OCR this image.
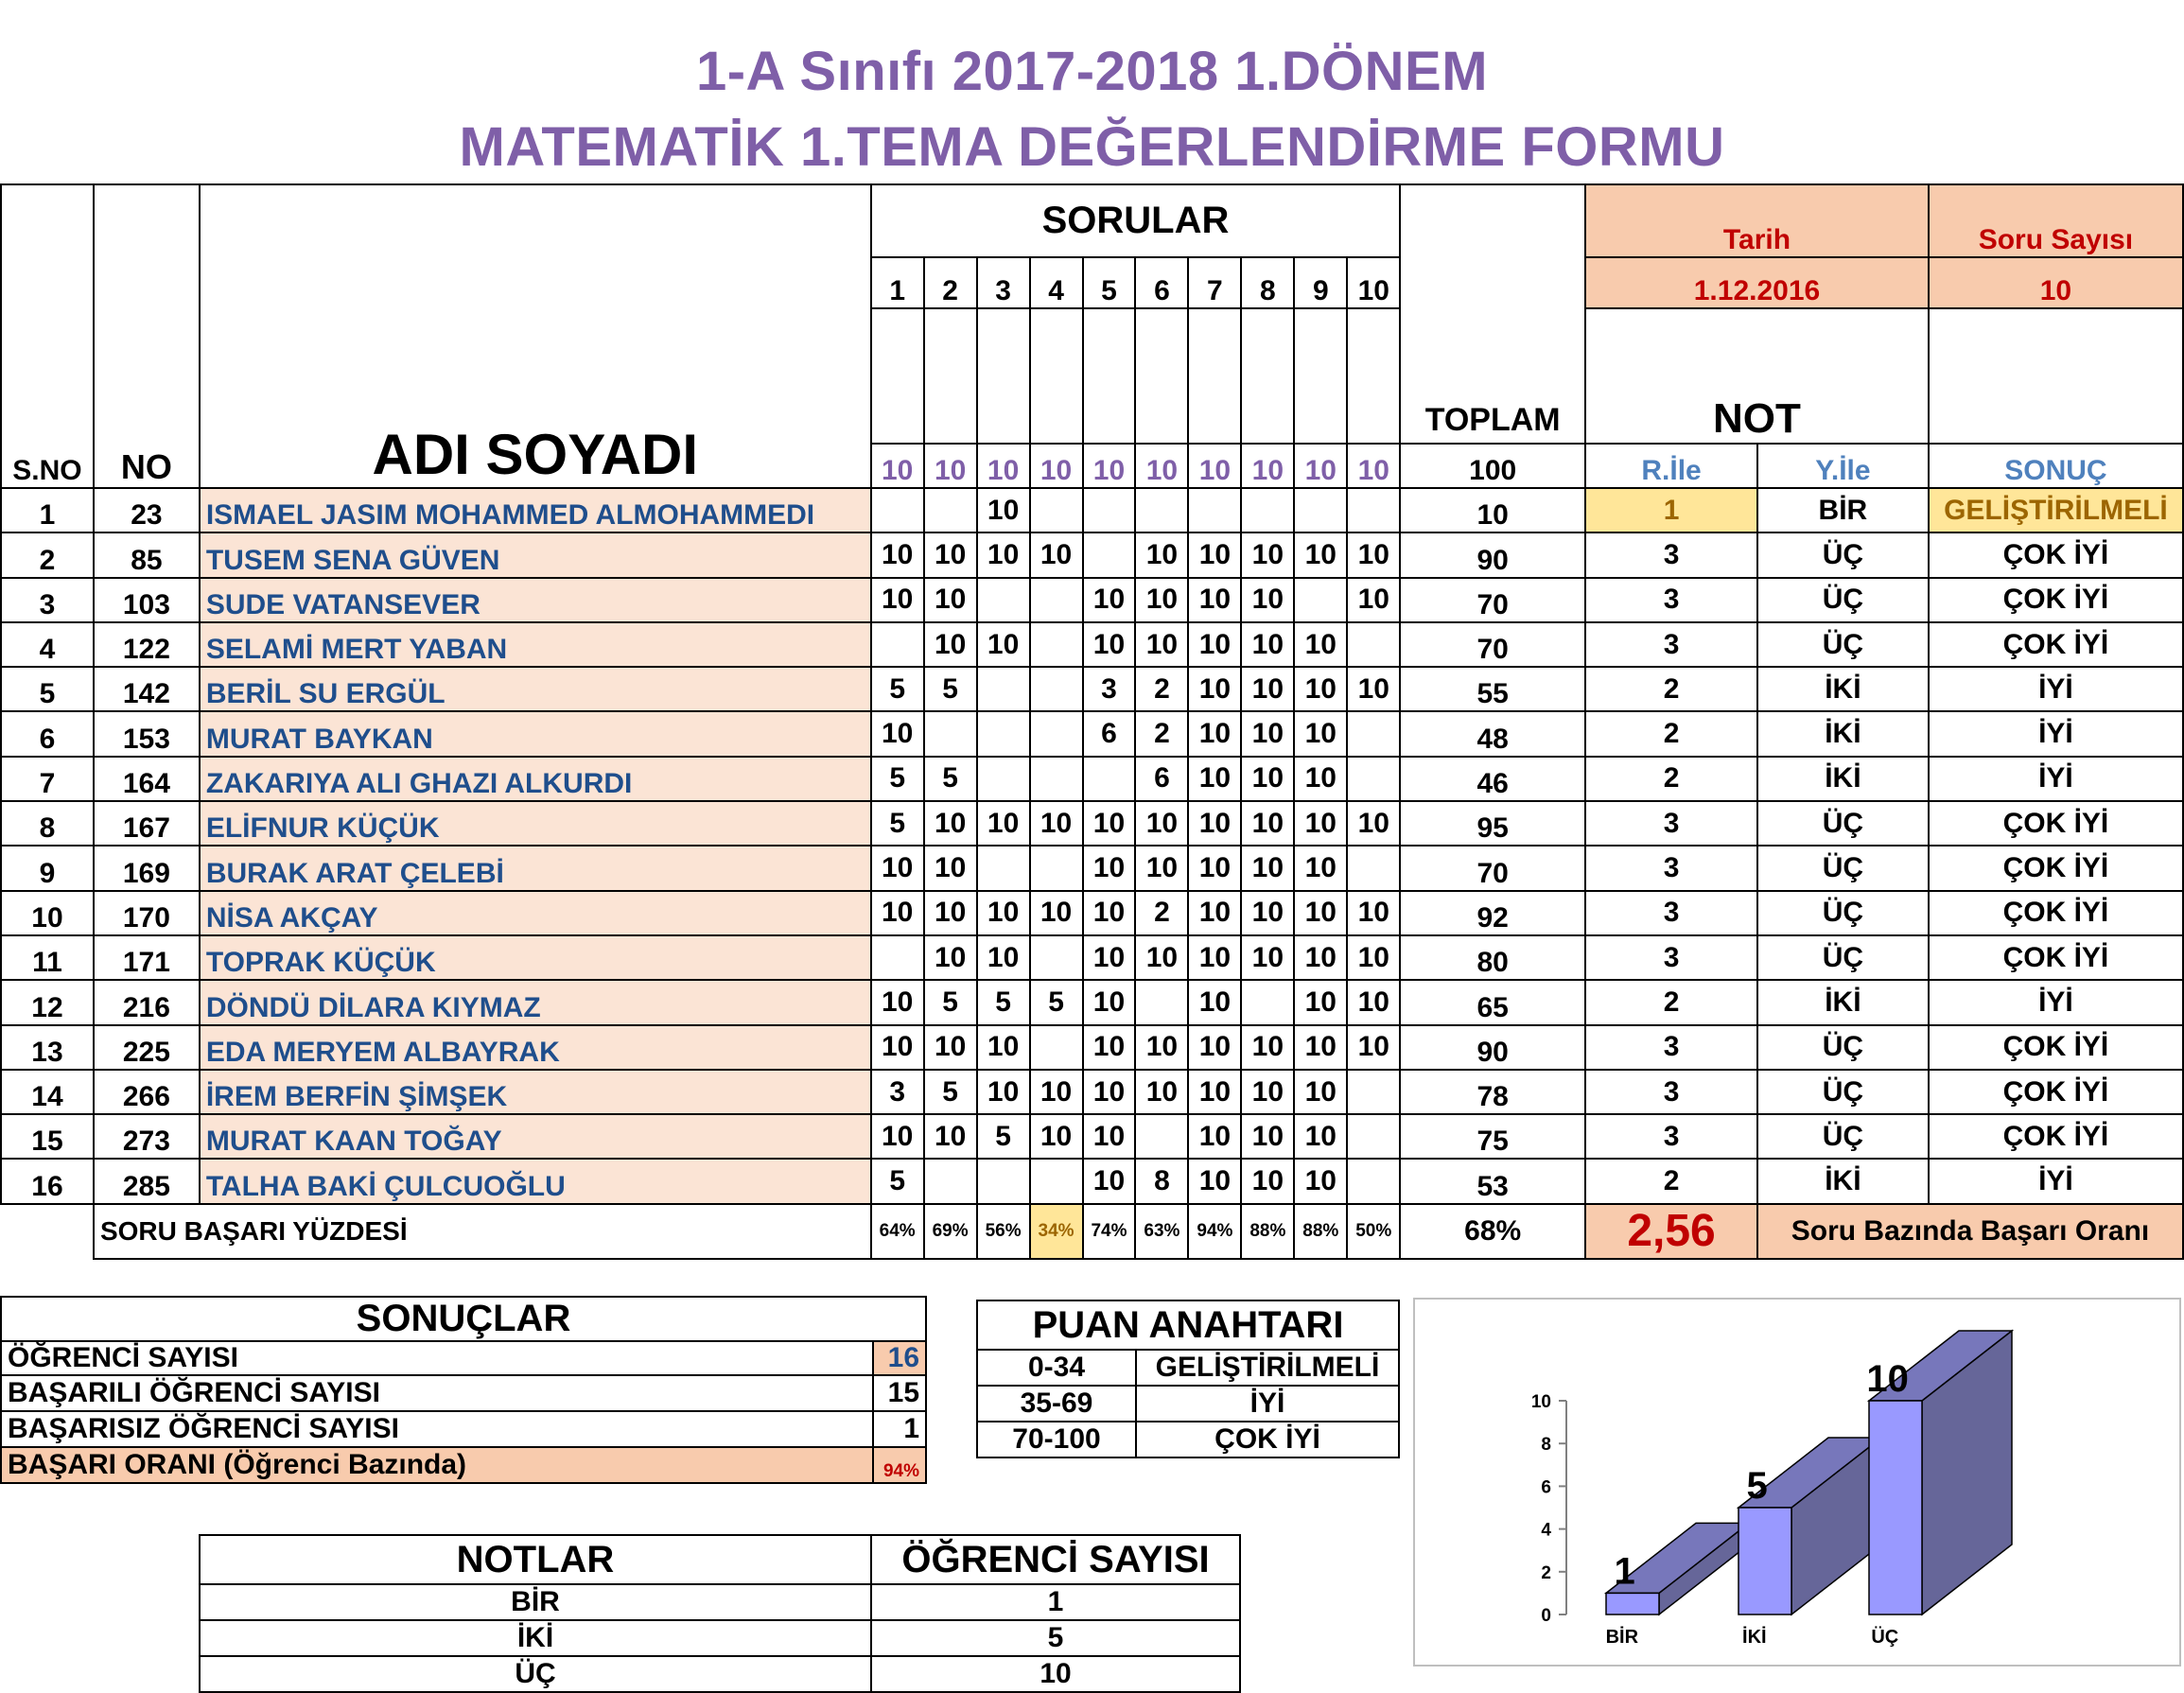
1-A Sınıfı 2017-2018 1.DÖNEM
MATEMATİK 1.TEMA DEĞERLENDİRME FORMU
S.NO	NO	ADI SOYADI	SORULAR										TOPLAM	Tarih		Soru Sayısı
			1	2	3	4	5	6	7	8	9	10		1.12.2016		10
														NOT		
			10	10	10	10	10	10	10	10	10	10	100	R.İle	Y.İle	SONUÇ
1	23	ISMAEL JASIM MOHAMMED ALMOHAMMEDI			10								10	1	BİR	GELİŞTİRİLMELİ
2	85	TUSEM SENA GÜVEN	10	10	10	10		10	10	10	10	10	90	3	ÜÇ	ÇOK İYİ
3	103	SUDE VATANSEVER	10	10			10	10	10	10		10	70	3	ÜÇ	ÇOK İYİ
4	122	SELAMİ MERT YABAN		10	10		10	10	10	10	10		70	3	ÜÇ	ÇOK İYİ
5	142	BERİL SU ERGÜL	5	5			3	2	10	10	10	10	55	2	İKİ	İYİ
6	153	MURAT BAYKAN	10				6	2	10	10	10		48	2	İKİ	İYİ
7	164	ZAKARIYA ALI GHAZI ALKURDI	5	5				6	10	10	10		46	2	İKİ	İYİ
8	167	ELİFNUR KÜÇÜK	5	10	10	10	10	10	10	10	10	10	95	3	ÜÇ	ÇOK İYİ
9	169	BURAK ARAT ÇELEBİ	10	10			10	10	10	10	10		70	3	ÜÇ	ÇOK İYİ
10	170	NİSA AKÇAY	10	10	10	10	10	2	10	10	10	10	92	3	ÜÇ	ÇOK İYİ
11	171	TOPRAK KÜÇÜK		10	10		10	10	10	10	10	10	80	3	ÜÇ	ÇOK İYİ
12	216	DÖNDÜ DİLARA KIYMAZ	10	5	5	5	10		10		10	10	65	2	İKİ	İYİ
13	225	EDA MERYEM ALBAYRAK	10	10	10		10	10	10	10	10	10	90	3	ÜÇ	ÇOK İYİ
14	266	İREM BERFİN ŞİMŞEK	3	5	10	10	10	10	10	10	10		78	3	ÜÇ	ÇOK İYİ
15	273	MURAT KAAN TOĞAY	10	10	5	10	10		10	10	10		75	3	ÜÇ	ÇOK İYİ
16	285	TALHA BAKİ ÇULCUOĞLU	5				10	8	10	10	10		53	2	İKİ	İYİ
	SORU BAŞARI YÜZDESİ		64%	69%	56%	34%	74%	63%	94%	88%	88%	50%	68%	2,56	Soru Bazında Başarı Oranı	
SONUÇLAR	
ÖĞRENCİ SAYISI	16
BAŞARILI ÖĞRENCİ SAYISI	15
BAŞARISIZ ÖĞRENCİ SAYISI	1
BAŞARI ORANI (Öğrenci Bazında)	94%
PUAN ANAHTARI	
0-34	GELİŞTİRİLMELİ
35-69	İYİ
70-100	ÇOK İYİ
NOTLAR	ÖĞRENCİ SAYISI
BİR	1
İKİ	5
ÜÇ	10
0
2
4
6
8
10
1
BİR
5
İKİ
10
ÜÇ
